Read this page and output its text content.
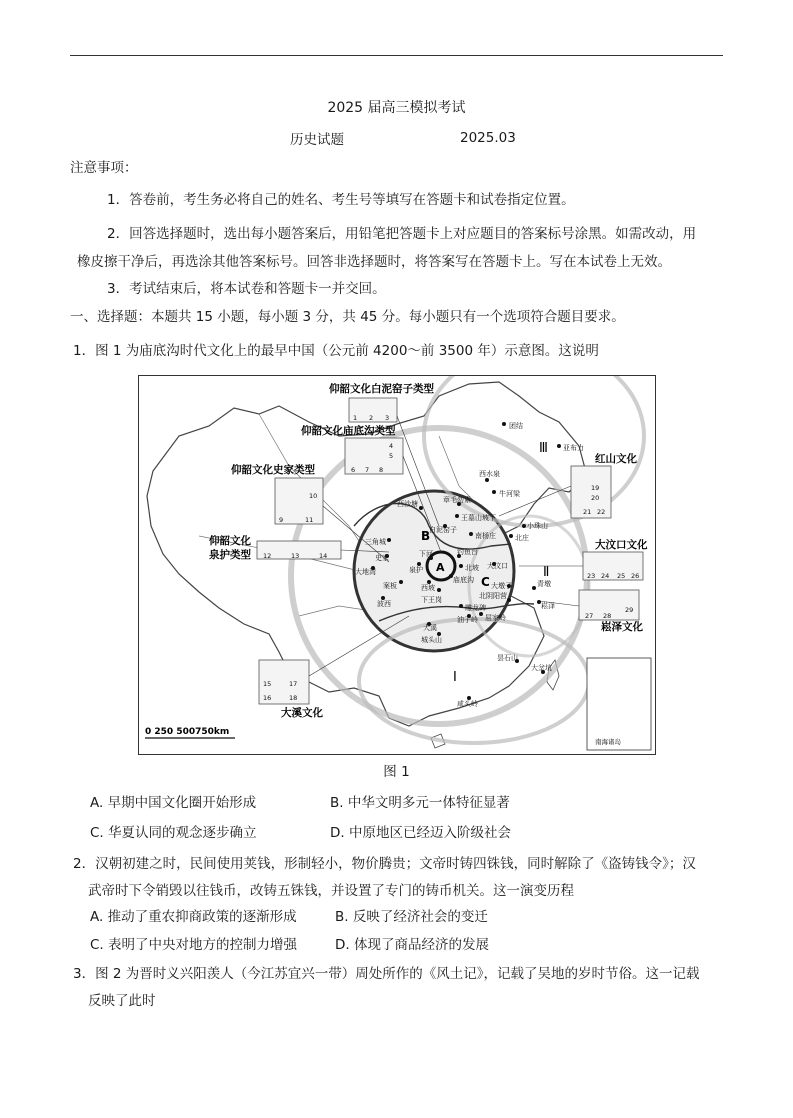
2025 届高三模拟考试
历史试题	2025.03
注意事项：
1．答卷前，考生务必将自己的姓名、考生号等填写在答题卡和试卷指定位置。
2．回答选择题时，选出每小题答案后，用铅笔把答题卡上对应题目的答案标号涂黑。如需改动，用
橡皮擦干净后，再选涂其他答案标号。回答非选择题时，将答案写在答题卡上。写在本试卷上无效。
3．考试结束后，将本试卷和答题卡一并交回。
一、选择题：本题共 15 小题，每小题 3 分，共 45 分。每小题只有一个选项符合题目要求。
1．图 1 为庙底沟时代文化上的最早中国（公元前 4200～前 3500 年）示意图。这说明
Ⅲ
Ⅱ
Ⅰ
B
A
C
仰韶文化白泥窑子类型
仰韶文化庙底沟类型
仰韶文化史家类型
仰韶文化
泉护类型
红山文化
大汶口文化
崧泽文化
大溪文化
团结
亚布力
西水泉
牛河梁
西沙塘	章毛勿素
王墓山坡下
白泥窑子
南杨庄	北庄
小珠山
三角城
钓鱼台
北坡 大汶口
大墩子
北阴阳营
崧泽
青墩
史家
大地湾	泉护
案板
下河
西坡
庙底沟
下王岗
雕龙碑
油子岭 屈家岭
大溪
城头山
昙石山
大坌坑
咸头岭
波西
1 2 3
4
5
6 7 8
9
10
11
12	13	14
15
16
17
18
19
20
21 22
23 24 25 26
27 28
29
0 250 500750km
南海诸岛
图 1
A. 早期中国文化圈开始形成	B. 中华文明多元一体特征显著
C. 华夏认同的观念逐步确立	D. 中原地区已经迈入阶级社会
2．汉朝初建之时，民间使用荚钱，形制轻小，物价腾贵；文帝时铸四铢钱，同时解除了《盗铸钱令》；汉
武帝时下令销毁以往钱币，改铸五铢钱，并设置了专门的铸币机关。这一演变历程
A. 推动了重农抑商政策的逐渐形成	B. 反映了经济社会的变迁
C. 表明了中央对地方的控制力增强	D. 体现了商品经济的发展
3．图 2 为晋时义兴阳羡人（今江苏宜兴一带）周处所作的《风土记》，记载了吴地的岁时节俗。这一记载
反映了此时
